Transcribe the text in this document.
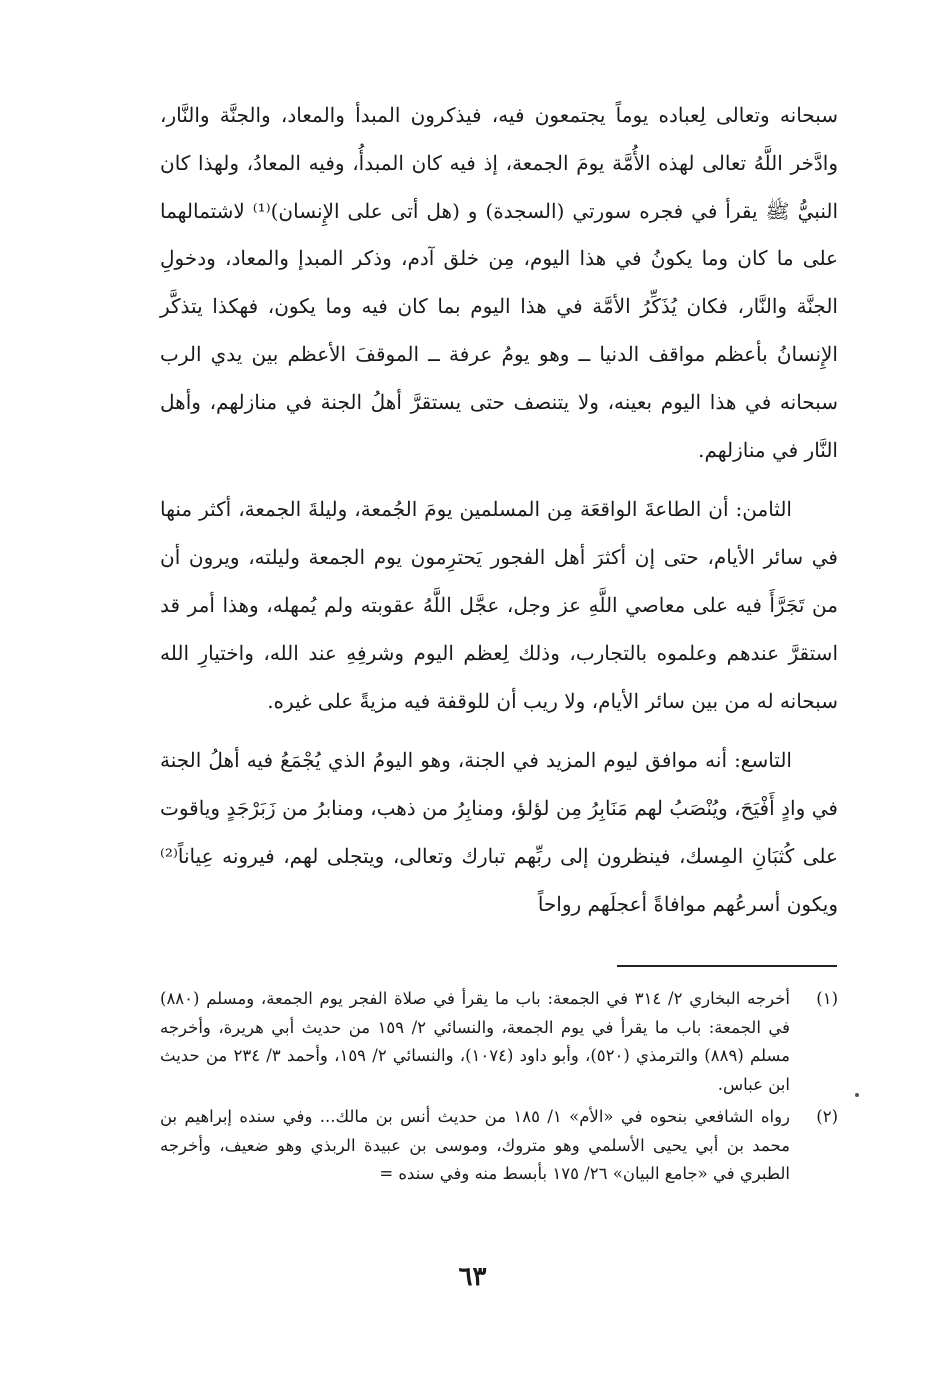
سبحانه وتعالى لِعباده يوماً يجتمعون فيه، فيذكرون المبدأ والمعاد، والجنَّة والنَّار، وادَّخر اللَّهُ تعالى لهذه الأُمَّة يومَ الجمعة، إذ فيه كان المبدأُ، وفيه المعادُ، ولهذا كان النبيُّ ﷺ يقرأ في فجره سورتي (السجدة) و (هل أتى على الإِنسان)⁽¹⁾ لاشتمالهما على ما كان وما يكونُ في هذا اليوم، مِن خلق آدم، وذكر المبدإ والمعاد، ودخولِ الجنَّة والنَّار، فكان يُذَكِّرُ الأمَّة في هذا اليوم بما كان فيه وما يكون، فهكذا يتذكَّر الإِنسانُ بأعظم مواقف الدنيا ــ وهو يومُ عرفة ــ الموقفَ الأعظم بين يدي الرب سبحانه في هذا اليوم بعينه، ولا يتنصف حتى يستقرَّ أهلُ الجنة في منازلهم، وأهل النَّار في منازلهم.

الثامن: أن الطاعةَ الواقعَة مِن المسلمين يومَ الجُمعة، وليلةَ الجمعة، أكثر منها في سائر الأيام، حتى إن أكثرَ أهل الفجور يَحترِمون يوم الجمعة وليلته، ويرون أن من تَجَرَّأَ فيه على معاصي اللَّهِ عز وجل، عجَّل اللَّهُ عقوبته ولم يُمهله، وهذا أمر قد استقرَّ عندهم وعلموه بالتجارب، وذلك لِعظم اليوم وشرفِهِ عند الله، واختيارِ الله سبحانه له من بين سائر الأيام، ولا ريب أن للوقفة فيه مزيةً على غيره.

التاسع: أنه موافق ليوم المزيد في الجنة، وهو اليومُ الذي يُجْمَعُ فيه أهلُ الجنة في وادٍ أَفْيَحَ، ويُنْصَبُ لهم مَنَابِرُ مِن لؤلؤ، ومنابِرُ من ذهب، ومنابرُ من زَبَرْجَدٍ وياقوت على كُثبَانِ المِسك، فينظرون إلى ربِّهم تبارك وتعالى، ويتجلى لهم، فيرونه عِياناً⁽²⁾ ويكون أسرعُهم موافاةً أعجلَهم رواحاً

(١)
أخرجه البخاري ٢/ ٣١٤ في الجمعة: باب ما يقرأ في صلاة الفجر يوم الجمعة، ومسلم (٨٨٠) في الجمعة: باب ما يقرأ في يوم الجمعة، والنسائي ٢/ ١٥٩ من حديث أبي هريرة، وأخرجه مسلم (٨٨٩) والترمذي (٥٢٠)، وأبو داود (١٠٧٤)، والنسائي ٢/ ١٥٩، وأحمد ٣/ ٢٣٤ من حديث ابن عباس.
(٢)
رواه الشافعي بنحوه في «الأم» ١/ ١٨٥ من حديث أنس بن مالك... وفي سنده إبراهيم بن محمد بن أبي يحيى الأسلمي وهو متروك، وموسى بن عبيدة الربذي وهو ضعيف، وأخرجه الطبري في «جامع البيان» ٢٦/ ١٧٥ بأبسط منه وفي سنده =
٦٣
